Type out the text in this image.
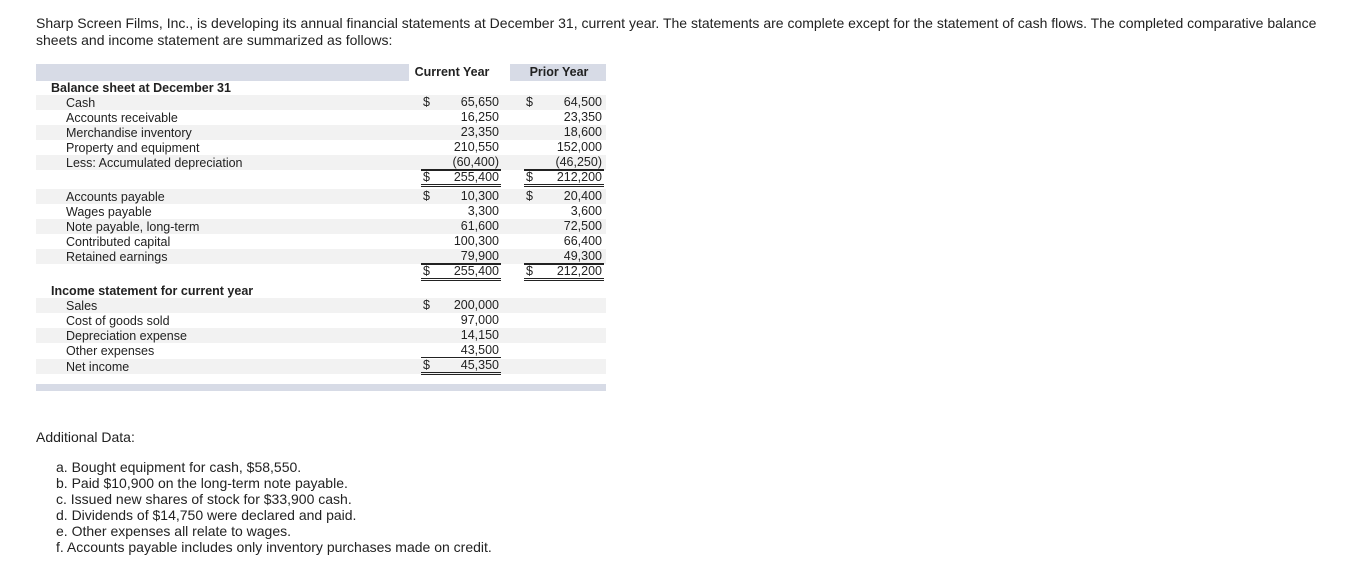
Sharp Screen Films, Inc., is developing its annual financial statements at December 31, current year. The statements are complete except for the statement of cash flows. The completed comparative balance sheets and income statement are summarized as follows:
Current Year	Prior Year
Balance sheet at December 31
Cash	$ 65,650 $ 64,500
Accounts receivable	16,250	23,350
Merchandise inventory	23,350	18,600
Property and equipment	210,550	152,000
Less: Accumulated depreciation	(60,400)	(46,250)
$ 255,400 $ 212,200
Accounts payable	$ 10,300 $ 20,400
Wages payable	3,300	3,600
Note payable, long-term	61,600	72,500
Contributed capital	100,300	66,400
Retained earnings	79,900	49,300
$ 255,400 $ 212,200
Income statement for current year
Sales	$ 200,000
Cost of goods sold	97,000
Depreciation expense	14,150
Other expenses	43,500
Net income	$ 45,350
Additional Data:
a. Bought equipment for cash, $58,550.
b. Paid $10,900 on the long-term note payable.
c. Issued new shares of stock for $33,900 cash.
d. Dividends of $14,750 were declared and paid.
e. Other expenses all relate to wages.
f. Accounts payable includes only inventory purchases made on credit.
